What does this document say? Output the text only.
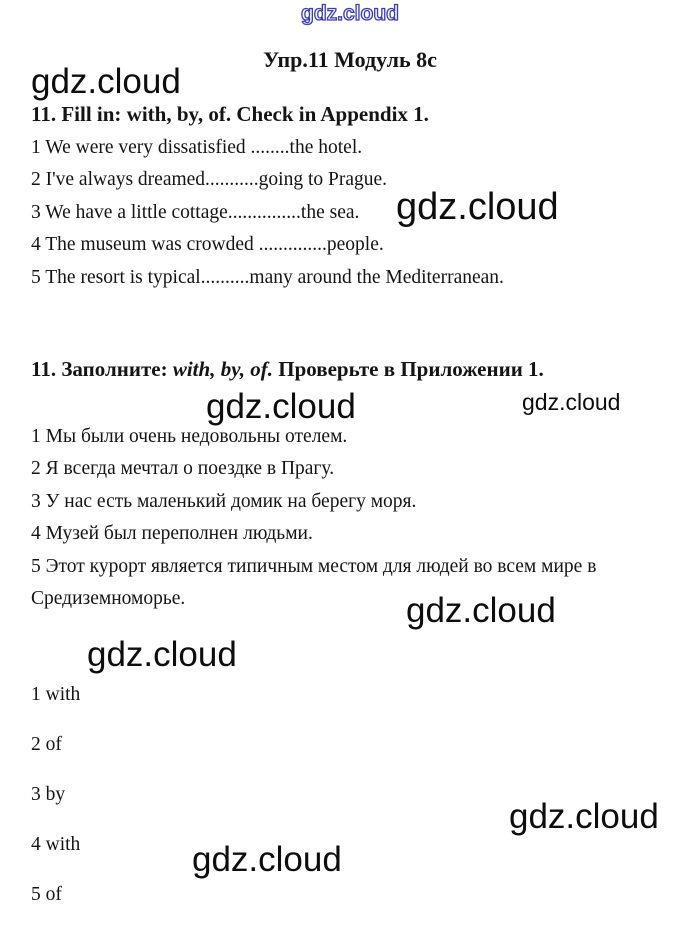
gdz.cloud
gdz.cloud
gdz.cloud
gdz.cloud	gdz.cloud
gdz.cloud
gdz.cloud
gdz.cloud
gdz.cloud
Упр.11 Модуль 8c
11. Fill in: with, by, of. Check in Appendix 1.
1 We were very dissatisfied ........the hotel.
2 I've always dreamed...........going to Prague.
3 We have a little cottage...............the sea.
4 The museum was crowded ..............people.
5 The resort is typical..........many around the Mediterranean.
11. Заполните: with, by, of. Проверьте в Приложении 1.
1 Мы были очень недовольны отелем.
2 Я всегда мечтал о поездке в Прагу.
3 У нас есть маленький домик на берегу моря.
4 Музей был переполнен людьми.
5 Этот курорт является типичным местом для людей во всем мире в Средиземноморье.
1 with
2 of
3 by
4 with
5 of
